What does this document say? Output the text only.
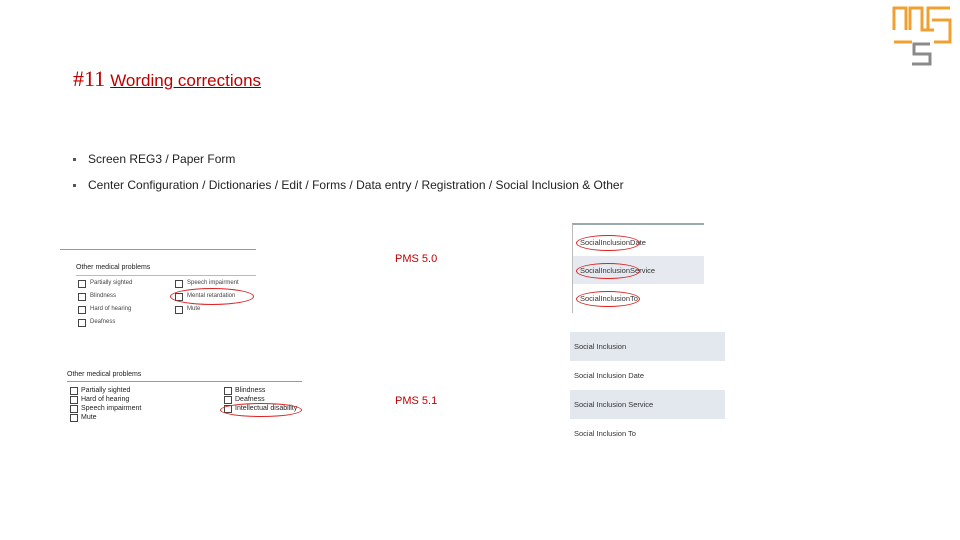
#11 Wording corrections
Screen REG3 / Paper Form
Center Configuration / Dictionaries / Edit / Forms / Data entry / Registration / Social Inclusion & Other
PMS 5.0
PMS 5.1
Other medical problems
Partially sighted
Blindness
Hard of hearing
Deafness
Speech impairment
Mental retardation
Mute
Other medical problems
Partially sighted
Hard of hearing
Speech impairment
Mute
Blindness
Deafness
Intellectual disability
SocialInclusionDate
SocialInclusionService
SocialInclusionTo
Social Inclusion
Social Inclusion Date
Social Inclusion Service
Social Inclusion To
